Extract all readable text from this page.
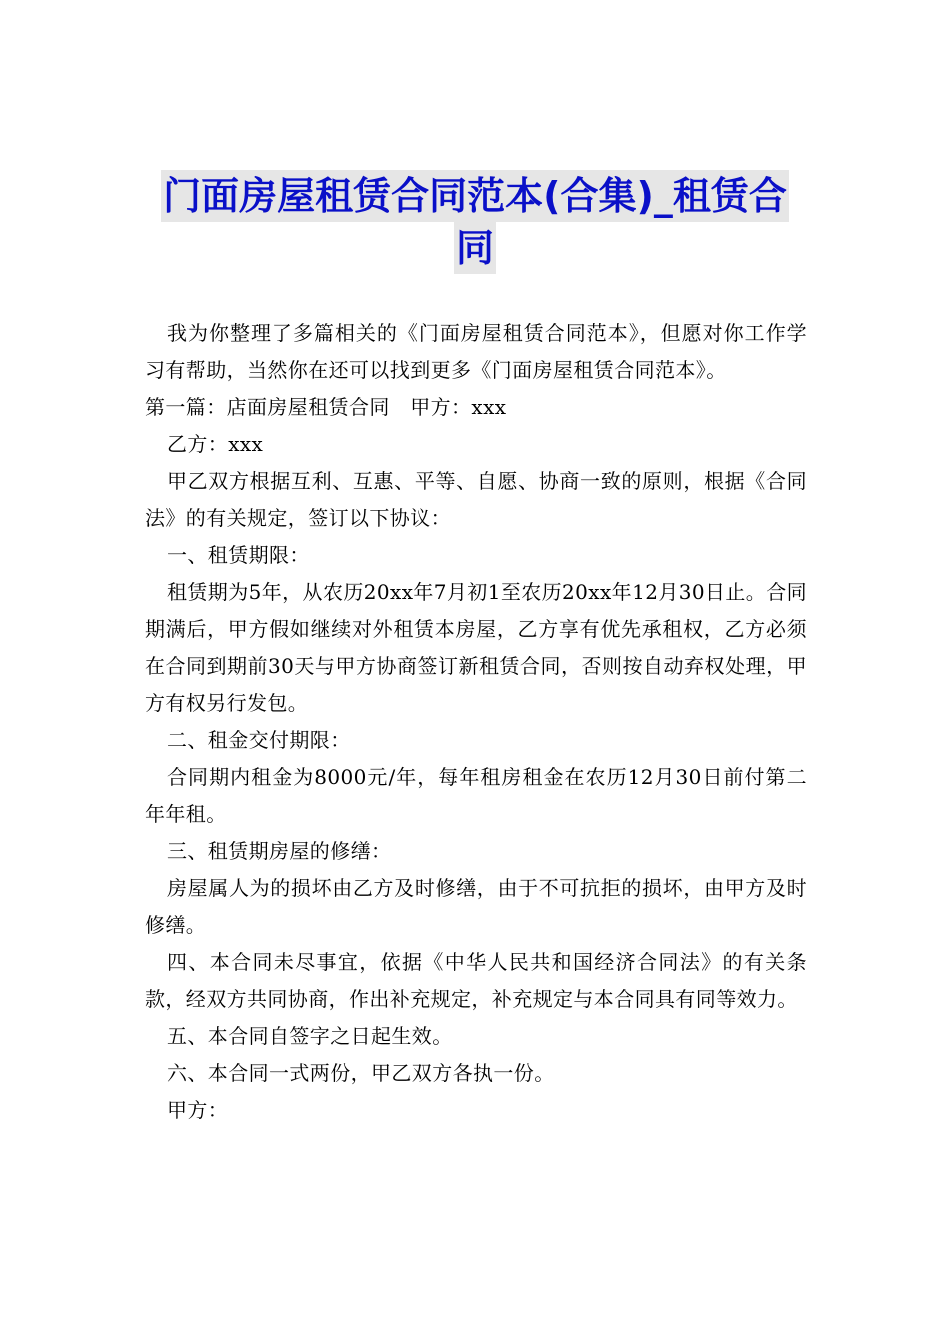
门面房屋租赁合同范本(合集)_租赁合
同

我为你整理了多篇相关的《门面房屋租赁合同范本》，但愿对你工作学习有帮助，当然你在还可以找到更多《门面房屋租赁合同范本》。

第一篇：店面房屋租赁合同　甲方：xxx

乙方：xxx

甲乙双方根据互利、互惠、平等、自愿、协商一致的原则，根据《合同法》的有关规定，签订以下协议：

一、租赁期限：

租赁期为5年，从农历20xx年7月初1至农历20xx年12月30日止。合同期满后，甲方假如继续对外租赁本房屋，乙方享有优先承租权，乙方必须在合同到期前30天与甲方协商签订新租赁合同，否则按自动弃权处理，甲方有权另行发包。

二、租金交付期限：

合同期内租金为8000元/年，每年租房租金在农历12月30日前付第二年年租。

三、租赁期房屋的修缮：

房屋属人为的损坏由乙方及时修缮，由于不可抗拒的损坏，由甲方及时修缮。

四、本合同未尽事宜，依据《中华人民共和国经济合同法》的有关条款，经双方共同协商，作出补充规定，补充规定与本合同具有同等效力。

五、本合同自签字之日起生效。

六、本合同一式两份，甲乙双方各执一份。

甲方：
